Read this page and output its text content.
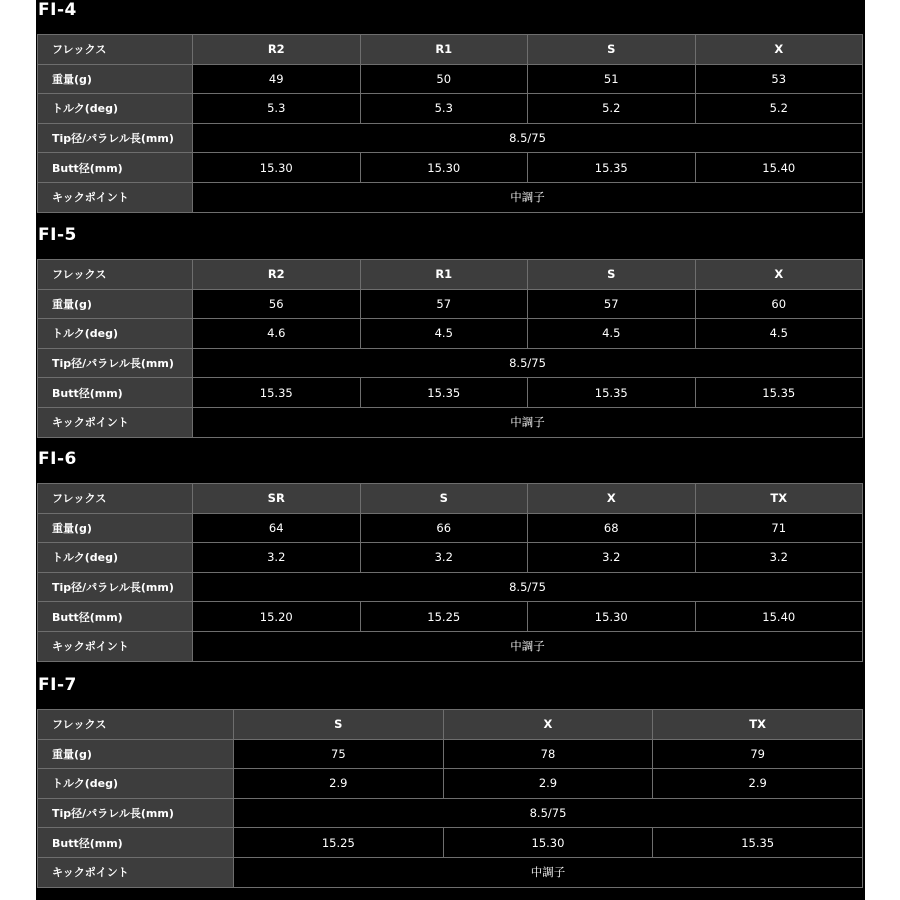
FI-4
フレックス	R2	R1	S	X
重量(g)	49	50	51	53
トルク(deg)	5.3	5.3	5.2	5.2
Tip径/パラレル長(mm)	8.5/75			
Butt径(mm)	15.30	15.30	15.35	15.40
キックポイント	中調子			
FI-5
フレックス	R2	R1	S	X
重量(g)	56	57	57	60
トルク(deg)	4.6	4.5	4.5	4.5
Tip径/パラレル長(mm)	8.5/75			
Butt径(mm)	15.35	15.35	15.35	15.35
キックポイント	中調子			
FI-6
フレックス	SR	S	X	TX
重量(g)	64	66	68	71
トルク(deg)	3.2	3.2	3.2	3.2
Tip径/パラレル長(mm)	8.5/75			
Butt径(mm)	15.20	15.25	15.30	15.40
キックポイント	中調子			
FI-7
フレックス	S	X	TX
重量(g)	75	78	79
トルク(deg)	2.9	2.9	2.9
Tip径/パラレル長(mm)	8.5/75		
Butt径(mm)	15.25	15.30	15.35
キックポイント	中調子		
